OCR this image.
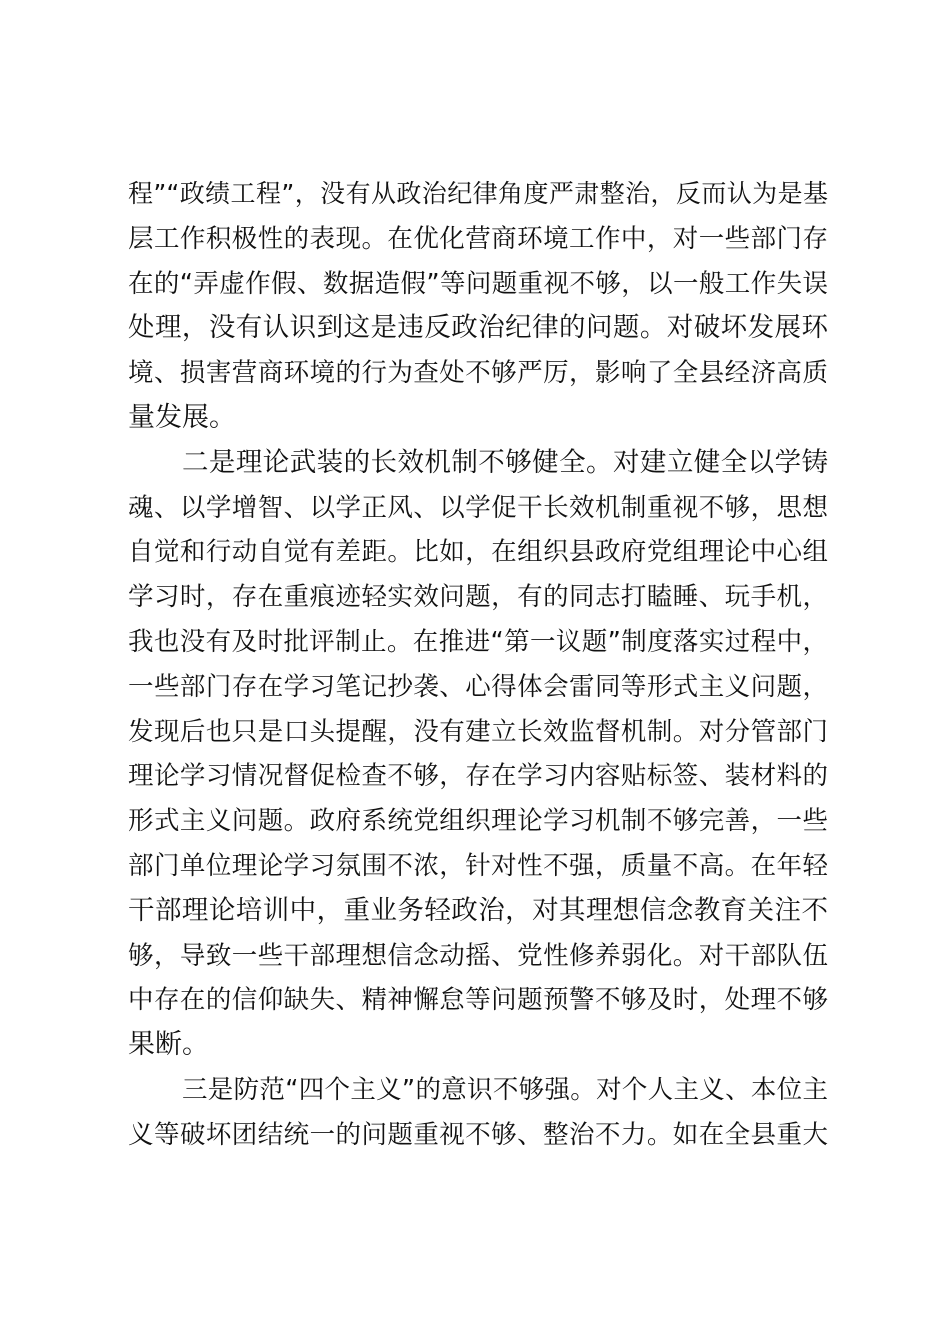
程”“政绩工程”，没有从政治纪律角度严肃整治，反而认为是基
层工作积极性的表现。在优化营商环境工作中，对一些部门存
在的“弄虚作假、数据造假”等问题重视不够，以一般工作失误
处理，没有认识到这是违反政治纪律的问题。对破坏发展环
境、损害营商环境的行为查处不够严厉，影响了全县经济高质
量发展。
二是理论武装的长效机制不够健全。对建立健全以学铸
魂、以学增智、以学正风、以学促干长效机制重视不够，思想
自觉和行动自觉有差距。比如，在组织县政府党组理论中心组
学习时，存在重痕迹轻实效问题，有的同志打瞌睡、玩手机，
我也没有及时批评制止。在推进“第一议题”制度落实过程中，
一些部门存在学习笔记抄袭、心得体会雷同等形式主义问题，
发现后也只是口头提醒，没有建立长效监督机制。对分管部门
理论学习情况督促检查不够，存在学习内容贴标签、装材料的
形式主义问题。政府系统党组织理论学习机制不够完善，一些
部门单位理论学习氛围不浓，针对性不强，质量不高。在年轻
干部理论培训中，重业务轻政治，对其理想信念教育关注不
够，导致一些干部理想信念动摇、党性修养弱化。对干部队伍
中存在的信仰缺失、精神懈怠等问题预警不够及时，处理不够
果断。
三是防范“四个主义”的意识不够强。对个人主义、本位主
义等破坏团结统一的问题重视不够、整治不力。如在全县重大
